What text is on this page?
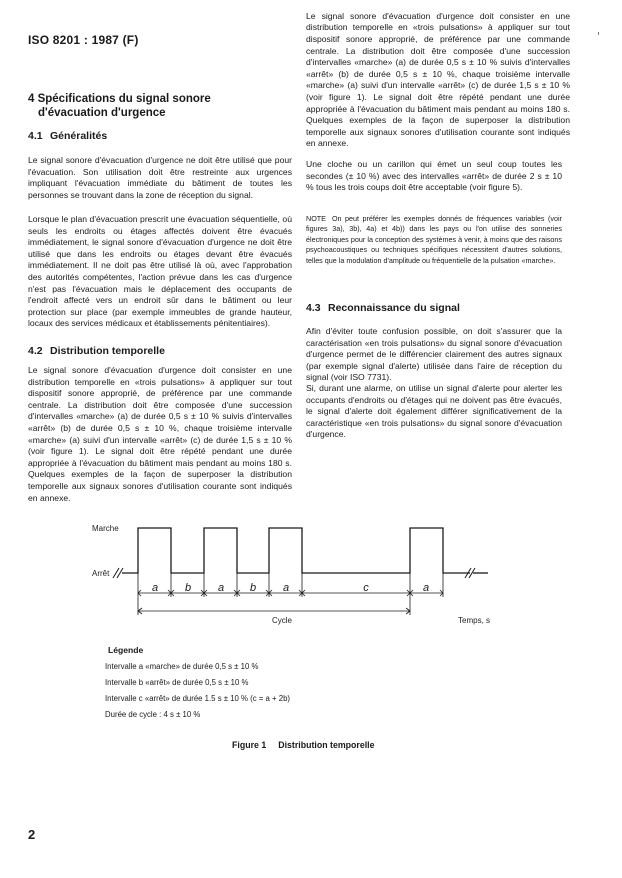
ISO 8201 : 1987 (F)
4 Spécifications du signal sonore
d'évacuation d'urgence
4.1 Généralités
Le signal sonore d'évacuation d'urgence ne doit être utilisé que pour l'évacuation. Son utilisation doit être restreinte aux urgences impliquant l'évacuation immédiate du bâtiment de toutes les personnes se trouvant dans la zone de réception du signal.
Lorsque le plan d'évacuation prescrit une évacuation séquentielle, où seuls les endroits ou étages affectés doivent être évacués immédiatement, le signal sonore d'évacuation d'urgence ne doit être utilisé que dans les endroits ou étages devant être évacués immédiatement. Il ne doit pas être utilisé là où, avec l'approbation des autorités compétentes, l'action prévue dans les cas d'urgence n'est pas l'évacuation mais le déplacement des occupants de l'endroit affecté vers un endroit sûr dans le bâtiment ou leur protection sur place (par exemple immeubles de grande hauteur, locaux des services médicaux et établissements pénitentiaires).
4.2 Distribution temporelle
Le signal sonore d'évacuation d'urgence doit consister en une distribution temporelle en «trois pulsations» à appliquer sur tout dispositif sonore approprié, de préférence par une commande centrale. La distribution doit être composée d'une succession d'intervalles «marche» (a) de durée 0,5 s ± 10 % suivis d'intervalles «arrêt» (b) de durée 0,5 s ± 10 %, chaque troisième intervalle «marche» (a) suivi d'un intervalle «arrêt» (c) de durée 1,5 s ± 10 % (voir figure 1). Le signal doit être répété pendant une durée appropriée à l'évacuation du bâtiment mais pendant au moins 180 s. Quelques exemples de la façon de superposer la distribution temporelle aux signaux sonores d'utilisation courante sont indiqués en annexe.
Le signal sonore d'évacuation d'urgence doit consister en une distribution temporelle en «trois pulsations» à appliquer sur tout dispositif sonore approprié, de préférence par une commande centrale. La distribution doit être composée d'une succession d'intervalles «marche» (a) de durée 0,5 s ± 10 % suivis d'intervalles «arrêt» (b) de durée 0,5 s ± 10 %, chaque troisième intervalle «marche» (a) suivi d'un intervalle «arrêt» (c) de durée 1,5 s ± 10 % (voir figure 1). Le signal doit être répété pendant une durée appropriée à l'évacuation du bâtiment mais pendant au moins 180 s. Quelques exemples de la façon de superposer la distribution temporelle aux signaux sonores d'utilisation courante sont indiqués en annexe.
Une cloche ou un carillon qui émet un seul coup toutes les secondes (± 10 %) avec des intervalles «arrêt» de durée 2 s ± 10 % tous les trois coups doit être acceptable (voir figure 5).
NOTE On peut préférer les exemples donnés de fréquences variables (voir figures 3a), 3b), 4a) et 4b)) dans les pays ou l'on utilise des sonneries électroniques pour la conception des systèmes à venir, à moins que des raisons psychoacoustiques ou techniques spécifiques nécessitent d'autres solutions, telles que la modulation d'amplitude ou fréquentielle de la pulsation «marche».
4.3 Reconnaissance du signal
Afin d'éviter toute confusion possible, on doit s'assurer que la caractérisation «en trois pulsations» du signal sonore d'évacuation d'urgence permet de le différencier clairement des autres signaux (par exemple signal d'alerte) utilisée dans l'aire de réception du signal (voir ISO 7731).
Si, durant une alarme, on utilise un signal d'alerte pour alerter les occupants d'endroits ou d'étages qui ne doivent pas être évacués, le signal d'alerte doit également différer significativement de la caractéristique «en trois pulsations» du signal sonore d'évacuation d'urgence.
Marche
Arrêt
a b a b a	c	a
Cycle	Temps, s
Légende
Intervalle a «marche» de durée 0,5 s ± 10 %
Intervalle b «arrêt» de durée 0,5 s ± 10 %
Intervalle c «arrêt» de durée 1.5 s ± 10 % (c = a + 2b)
Durée de cycle : 4 s ± 10 %
Figure 1 Distribution temporelle
2
